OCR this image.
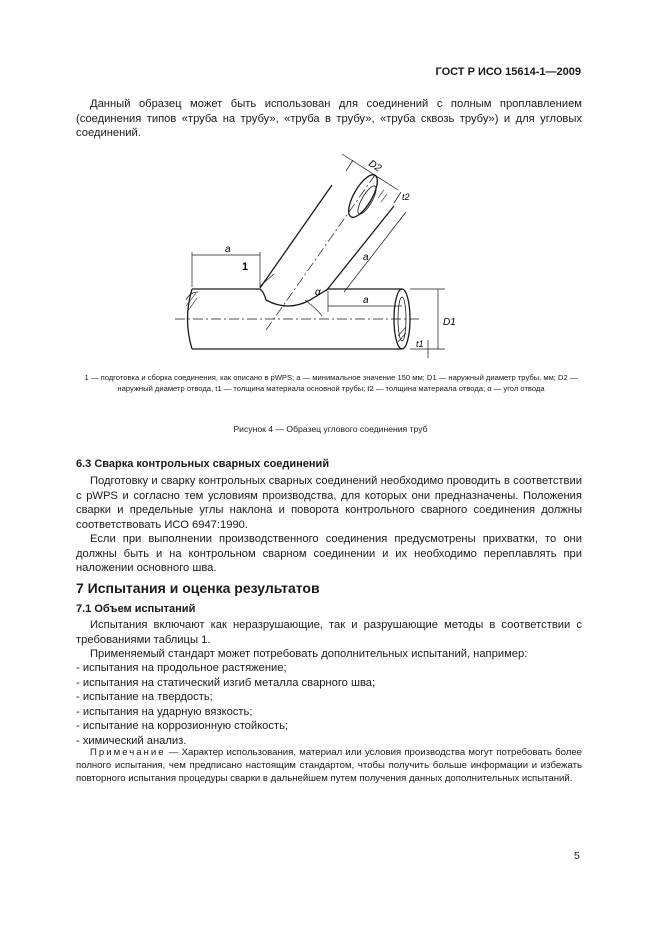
ГОСТ Р ИСО 15614-1—2009
Данный образец может быть использован для соединений с полным проплавлением (соединения типов «труба на трубу», «труба в трубу», «труба сквозь трубу») и для угловых соединений.
1
a
a
a
D2
t2
D1
t1
α
1 — подготовка и сборка соединения, как описано в pWPS; a — минимальное значение 150 мм; D1 — наружный диаметр трубы, мм; D2 — наружный диаметр отвода, t1 — толщина материала основной трубы; t2 — толщина материала отвода; α — угол отвода
Рисунок 4 — Образец углового соединения труб
6.3 Сварка контрольных сварных соединений
Подготовку и сварку контрольных сварных соединений необходимо проводить в соответствии с pWPS и согласно тем условиям производства, для которых они предназначены. Положения сварки и предельные углы наклона и поворота контрольного сварного соединения должны соответствовать ИСО 6947:1990.
Если при выполнении производственного соединения предусмотрены прихватки, то они должны быть и на контрольном сварном соединении и их необходимо переплавлять при наложении основного шва.
7 Испытания и оценка результатов
7.1 Объем испытаний
Испытания включают как неразрушающие, так и разрушающие методы в соответствии с требованиями таблицы 1.
Применяемый стандарт может потребовать дополнительных испытаний, например:
- испытания на продольное растяжение;
- испытания на статический изгиб металла сварного шва;
- испытание на твердость;
- испытания на ударную вязкость;
- испытание на коррозионную стойкость;
- химический анализ.
Примечание — Характер использования, материал или условия производства могут потребовать более полного испытания, чем предписано настоящим стандартом, чтобы получить больше информации и избежать повторного испытания процедуры сварки в дальнейшем путем получения данных дополнительных испытаний.
5
